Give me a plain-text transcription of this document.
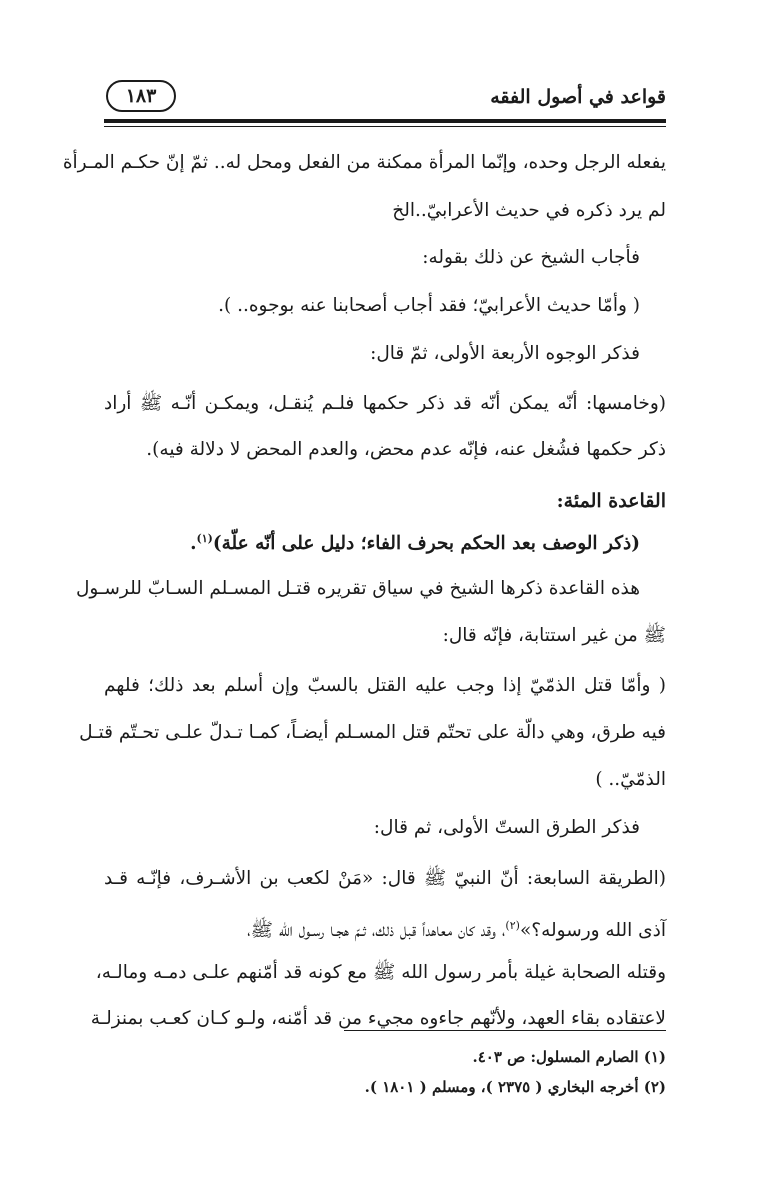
قواعد في أصول الفقه
١٨٣
يفعله الرجل وحده، وإنّما المرأة ممكنة من الفعل ومحل له.. ثمّ إنّ حكـم المـرأة
لم يرد ذكره في حديث الأعرابيّ..الخ
فأجاب الشيخ عن ذلك بقوله:
( وأمّا حديث الأعرابيّ؛ فقد أجاب أصحابنا عنه بوجوه.. ).
فذكر الوجوه الأربعة الأولى، ثمّ قال:
(وخامسها: أنّه يمكن أنّه قد ذكر حكمها فلـم يُنقـل، ويمكـن أنّـه ﷺ أراد
ذكر حكمها فشُغل عنه، فإنّه عدم محض، والعدم المحض لا دلالة فيه).
القاعدة المئة:
(ذكر الوصف بعد الحكم بحرف الفاء؛ دليل على أنّه علّة)$^{(١)}$.
هذه القاعدة ذكرها الشيخ في سياق تقريره قتـل المسـلم السـابّ للرسـول
ﷺ من غير استتابة، فإنّه قال:
( وأمّا قتل الذمّيّ إذا وجب عليه القتل بالسبّ وإن أسلم بعد ذلك؛ فلهم
فيه طرق، وهي دالّة على تحتّم قتل المسـلم أيضـاً، كمـا تـدلّ علـى تحـتّم قتـل
الذمّيّ.. )
فذكر الطرق الستّ الأولى، ثم قال:
(الطريقة السابعة: أنّ النبيّ ﷺ قال: «مَنْ لكعب بن الأشـرف، فإنّـه قـد
آذى الله ورسوله؟»$^{(٢)}$، وقد كان معاهداً قبل ذلك، ثـمّ هجـا رسـول الله ﷺ،
وقتله الصحابة غيلة بأمر رسول الله ﷺ مع كونه قد أمّنهم علـى دمـه ومالـه،
لاعتقاده بقاء العهد، ولأنّهم جاءوه مجيء من قد أمّنه، ولـو كـان كعـب بمنزلـة
(١) الصارم المسلول: ص ٤٠٣.
(٢) أخرجه البخاري ( ٢٣٧٥ )، ومسلم ( ١٨٠١ ).
